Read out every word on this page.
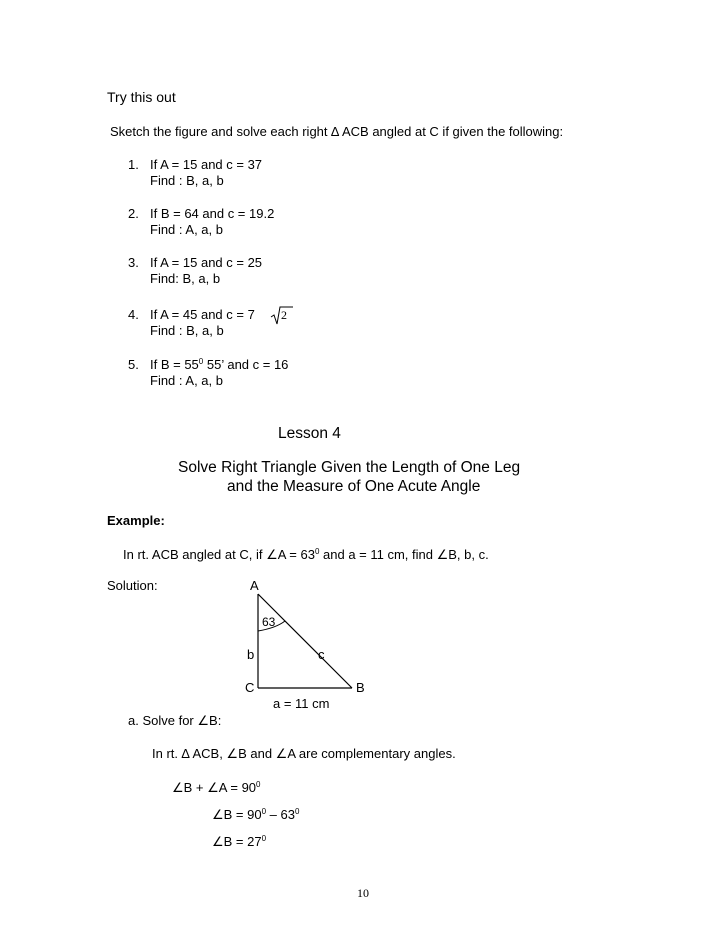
Try this out
Sketch the figure and solve each right ∆ ACB angled at C if given the following:
1. If A = 15 and c = 37
Find : B, a, b
2. If B = 64 and c = 19.2
Find : A, a, b
3. If A = 15 and c = 25
Find: B, a, b
4. If A = 45 and c = 7 2
Find : B, a, b
5. If $B = 55^0$ 55’ and c = 16
Find : A, a, b
Lesson 4
Solve Right Triangle Given the Length of One Leg
and the Measure of One Acute Angle
Example:
In rt. ACB angled at C, if ∠A = $63^0$ and a = 11 cm, find ∠B, b, c.
Solution:	A
63
b	c
C	B
a = 11 cm
a. Solve for ∠B:
In rt. ∆ ACB, ∠B and ∠A are complementary angles.
∠B + ∠A = $90^0$
∠B = $90^0 - 63^0$
∠B = $27^0$
10
